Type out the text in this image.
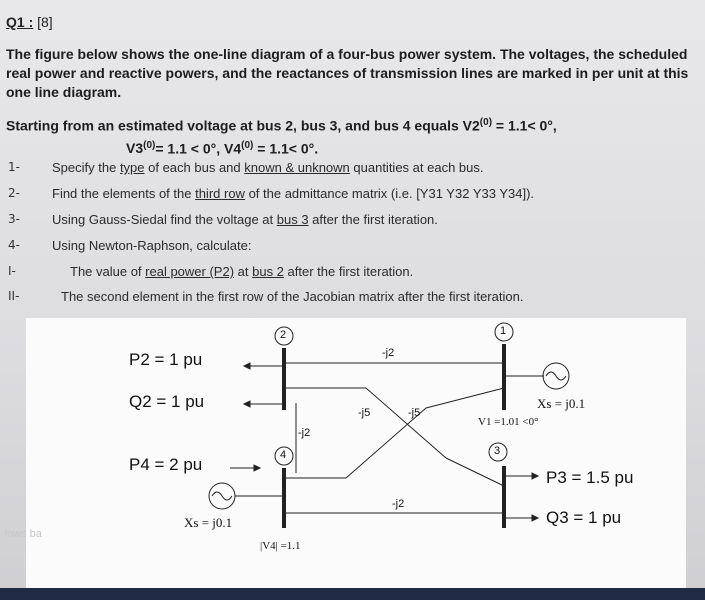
Q1 : [8]
The figure below shows the one-line diagram of a four-bus power system. The voltages, the scheduled real power and reactive powers, and the reactances of transmission lines are marked in per unit at this one line diagram.
Starting from an estimated voltage at bus 2, bus 3, and bus 4 equals $V2^{(0)} = 1.1< 0^\circ$,
$V3^{(0)}= 1.1 < 0^\circ$, $V4^{(0)} = 1.1< 0^\circ$.
1- Specify the type of each bus and known & unknown quantities at each bus.
2- Find the elements of the third row of the admittance matrix (i.e. [Y31 Y32 Y33 Y34]).
3- Using Gauss-Siedal find the voltage at bus 3 after the first iteration.
4- Using Newton-Raphson, calculate:
I-	The value of real power (P2) at bus 2 after the first iteration.
II-	The second element in the first row of the Jacobian matrix after the first iteration.
2	1
4	3
P2 = 1 pu
Q2 = 1 pu
P4 = 2 pu
P3 = 1.5 pu
Q3 = 1 pu
-j2
-j5	-j5
-j2
-j2
Xs = j0.1
V1 =1.01 <0°
Xs = j0.1
|V4| =1.1
fows ba
